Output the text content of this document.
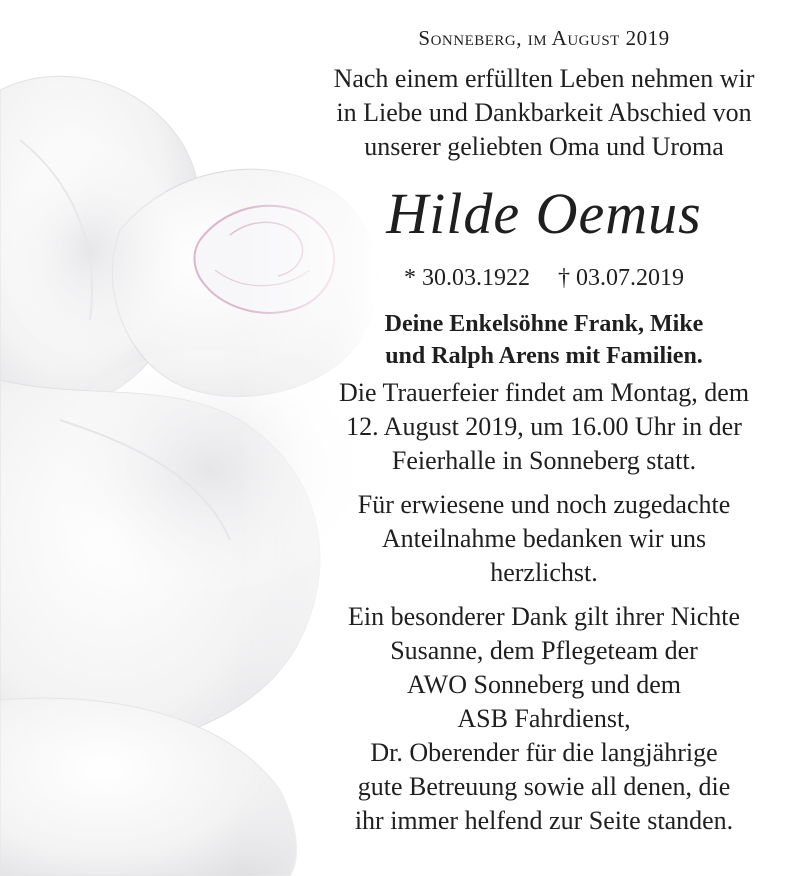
Sonneberg, im August 2019

Nach einem erfüllten Leben nehmen wir
in Liebe und Dankbarkeit Abschied von
unserer geliebten Oma und Uroma

Hilde Oemus

* 30.03.1922 † 03.07.2019

Deine Enkelsöhne Frank, Mike
und Ralph Arens mit Familien.

Die Trauerfeier findet am Montag, dem
12. August 2019, um 16.00 Uhr in der
Feierhalle in Sonneberg statt.

Für erwiesene und noch zugedachte
Anteilnahme bedanken wir uns
herzlichst.

Ein besonderer Dank gilt ihrer Nichte
Susanne, dem Pflegeteam der
AWO Sonneberg und dem
ASB Fahrdienst,
Dr. Oberender für die langjährige
gute Betreuung sowie all denen, die
ihr immer helfend zur Seite standen.
